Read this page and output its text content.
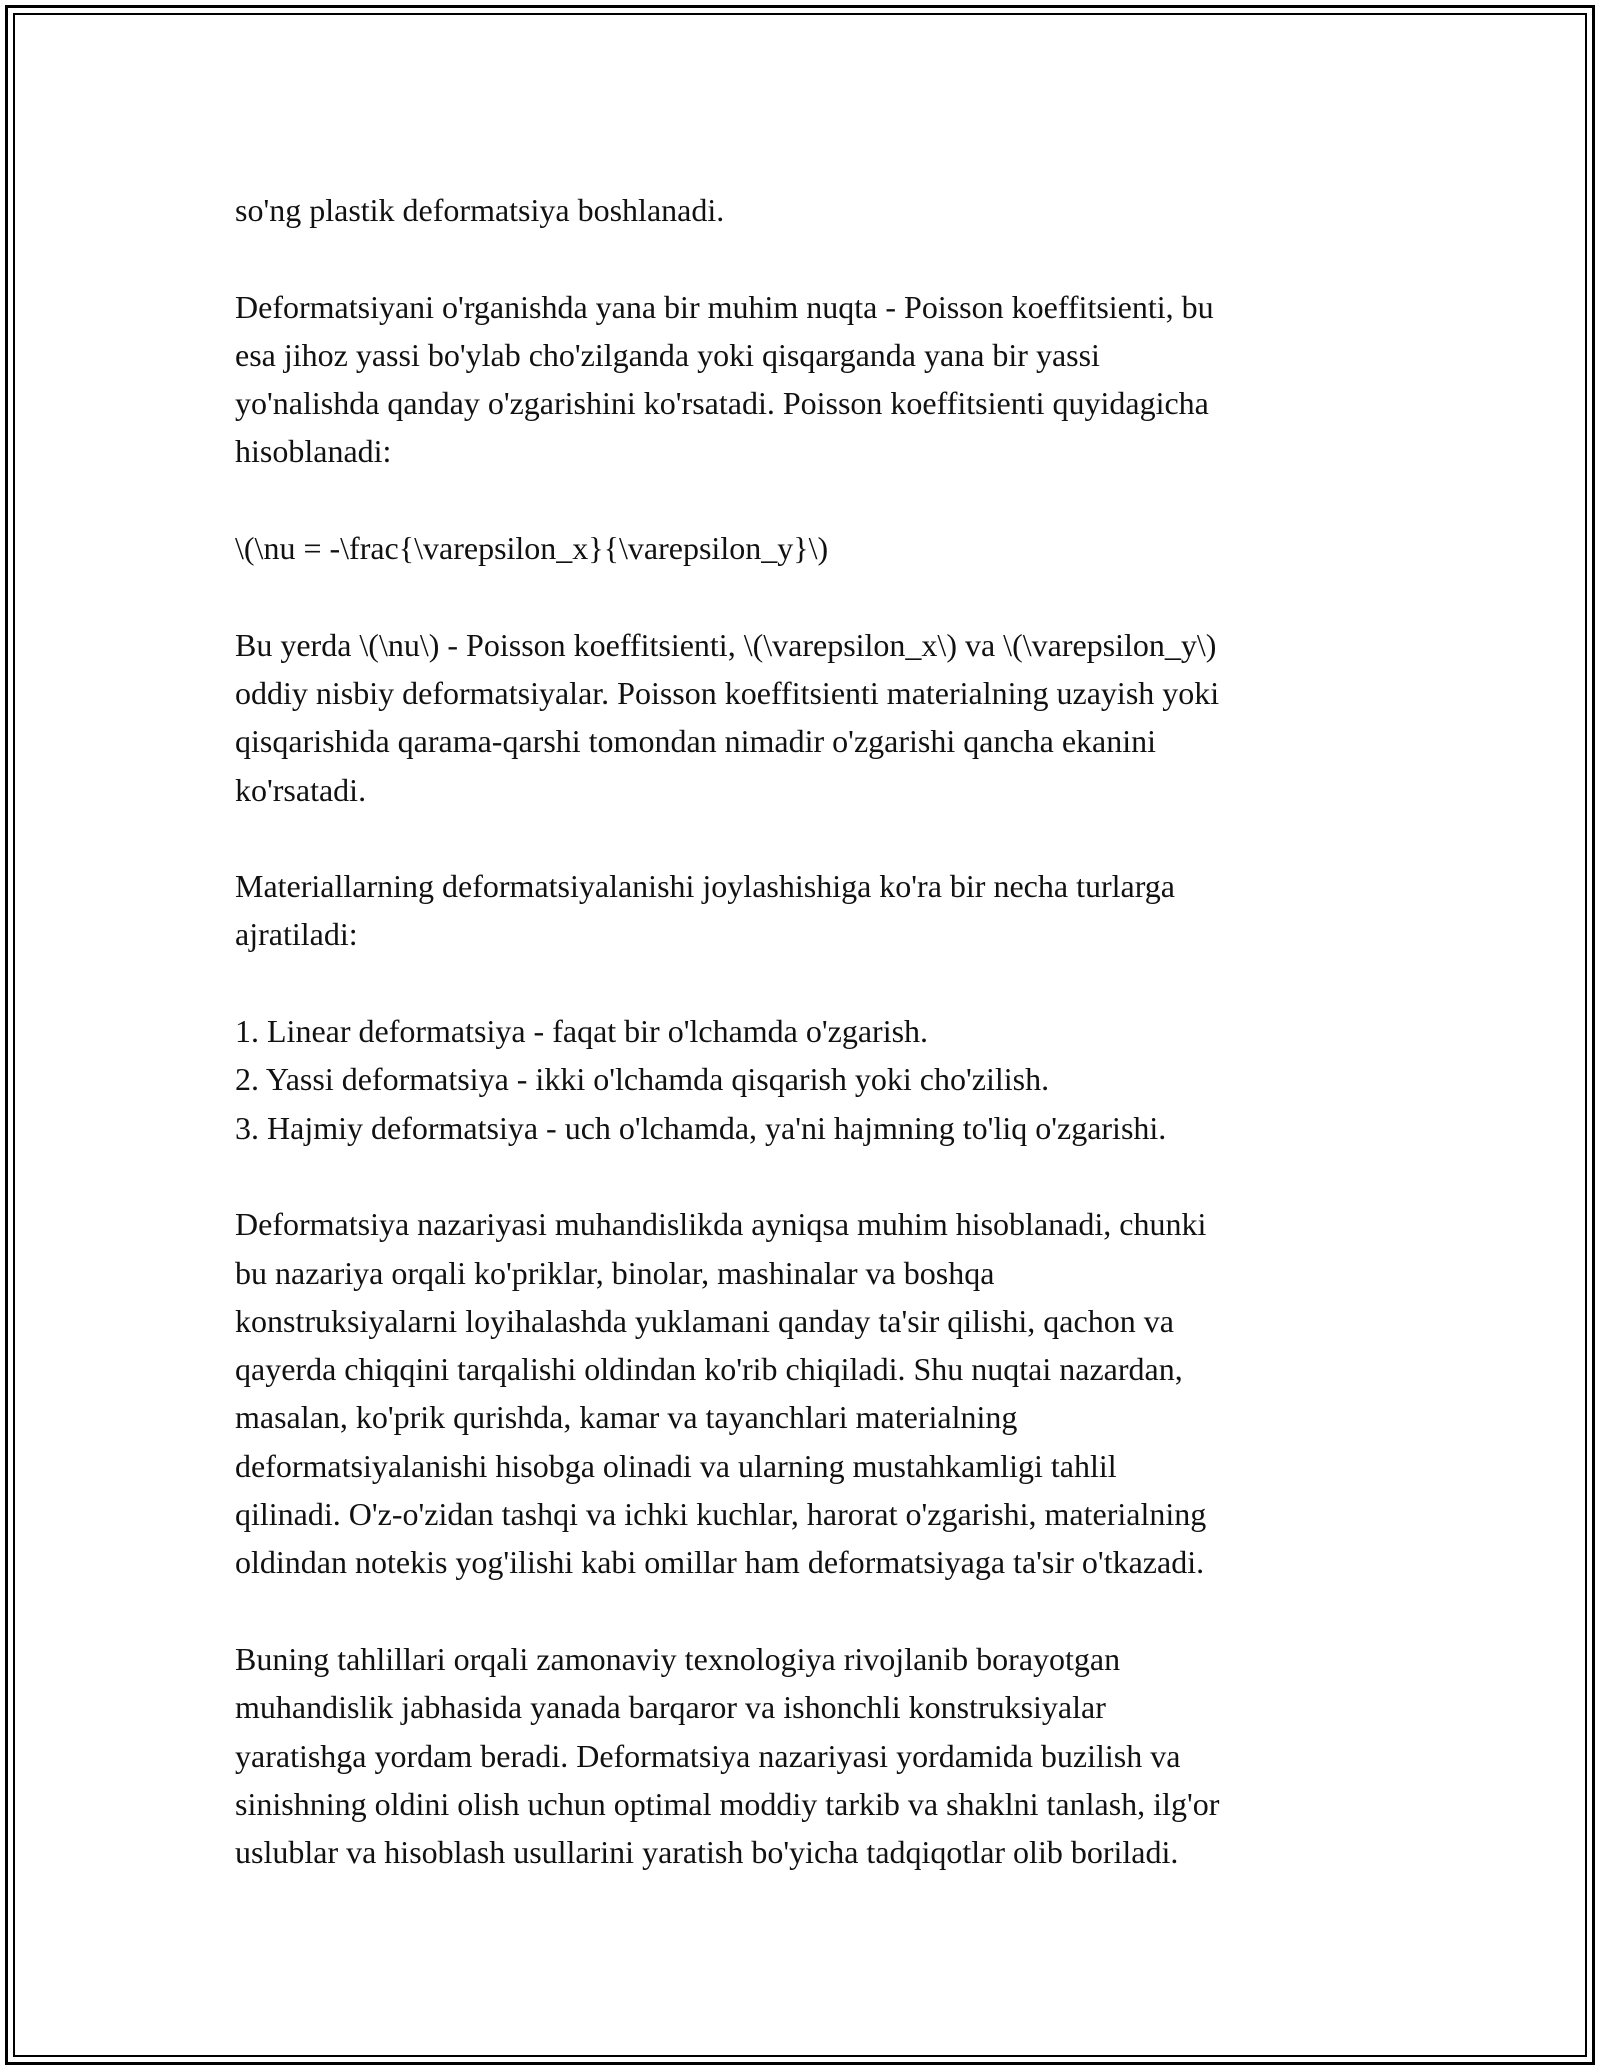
so'ng plastik deformatsiya boshlanadi.

Deformatsiyani o'rganishda yana bir muhim nuqta - Poisson koeffitsienti, bu
esa jihoz yassi bo'ylab cho'zilganda yoki qisqarganda yana bir yassi
yo'nalishda qanday o'zgarishini ko'rsatadi. Poisson koeffitsienti quyidagicha
hisoblanadi:

\(\nu = -\frac{\varepsilon_x}{\varepsilon_y}\)

Bu yerda \(\nu\) - Poisson koeffitsienti, \(\varepsilon_x\) va \(\varepsilon_y\)
oddiy nisbiy deformatsiyalar. Poisson koeffitsienti materialning uzayish yoki
qisqarishida qarama-qarshi tomondan nimadir o'zgarishi qancha ekanini
ko'rsatadi.

Materiallarning deformatsiyalanishi joylashishiga ko'ra bir necha turlarga
ajratiladi:

1. Linear deformatsiya - faqat bir o'lchamda o'zgarish.
2. Yassi deformatsiya - ikki o'lchamda qisqarish yoki cho'zilish.
3. Hajmiy deformatsiya - uch o'lchamda, ya'ni hajmning to'liq o'zgarishi.

Deformatsiya nazariyasi muhandislikda ayniqsa muhim hisoblanadi, chunki
bu nazariya orqali ko'priklar, binolar, mashinalar va boshqa
konstruksiyalarni loyihalashda yuklamani qanday ta'sir qilishi, qachon va
qayerda chiqqini tarqalishi oldindan ko'rib chiqiladi. Shu nuqtai nazardan,
masalan, ko'prik qurishda, kamar va tayanchlari materialning
deformatsiyalanishi hisobga olinadi va ularning mustahkamligi tahlil
qilinadi. O'z-o'zidan tashqi va ichki kuchlar, harorat o'zgarishi, materialning
oldindan notekis yog'ilishi kabi omillar ham deformatsiyaga ta'sir o'tkazadi.

Buning tahlillari orqali zamonaviy texnologiya rivojlanib borayotgan
muhandislik jabhasida yanada barqaror va ishonchli konstruksiyalar
yaratishga yordam beradi. Deformatsiya nazariyasi yordamida buzilish va
sinishning oldini olish uchun optimal moddiy tarkib va shaklni tanlash, ilg'or
uslublar va hisoblash usullarini yaratish bo'yicha tadqiqotlar olib boriladi.
